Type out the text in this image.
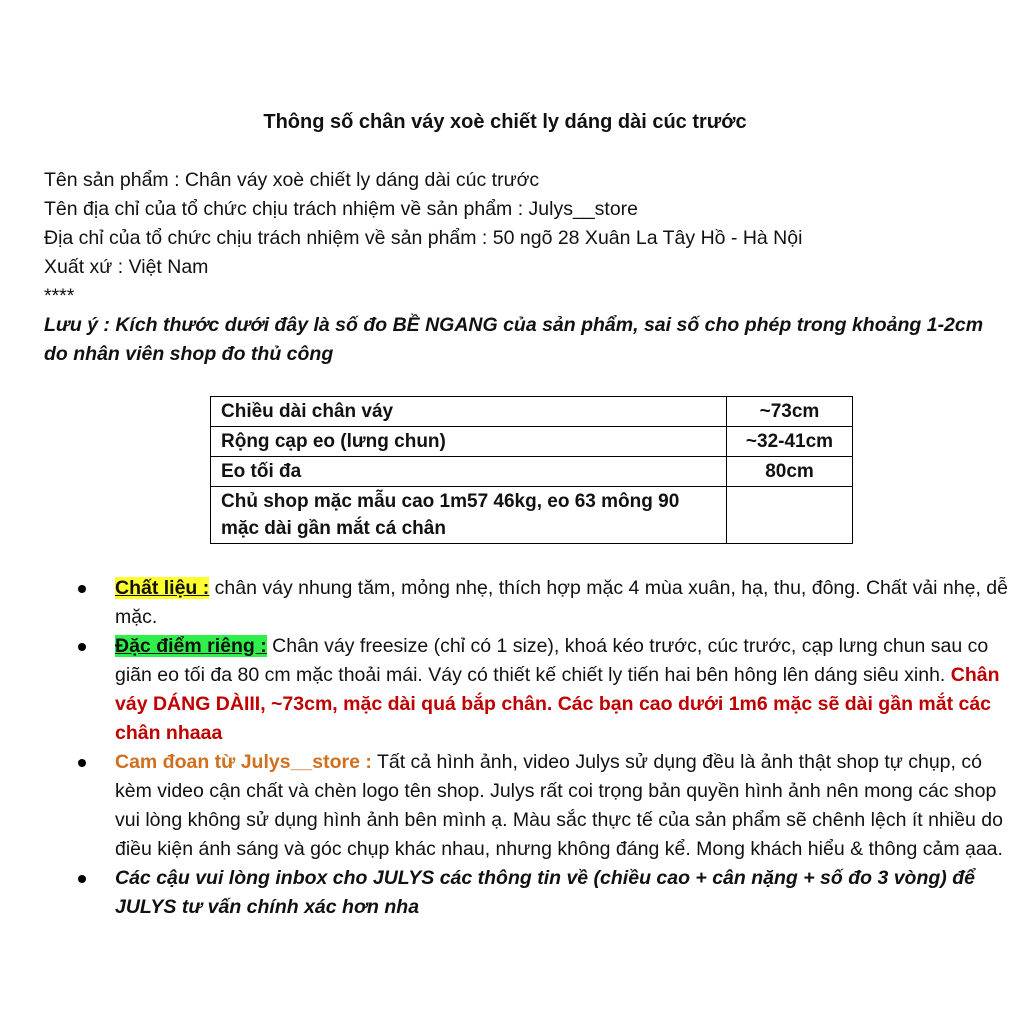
Thông số chân váy xoè chiết ly dáng dài cúc trước
Tên sản phẩm : Chân váy xoè chiết ly dáng dài cúc trước
Tên địa chỉ của tổ chức chịu trách nhiệm về sản phẩm : Julys__store
Địa chỉ của tổ chức chịu trách nhiệm về sản phẩm : 50 ngõ 28 Xuân La Tây Hồ - Hà Nội
Xuất xứ : Việt Nam
****
Lưu ý : Kích thước dưới đây là số đo BỀ NGANG của sản phẩm, sai số cho phép trong khoảng 1-2cm do nhân viên shop đo thủ công
Chiều dài chân váy	~73cm
Rộng cạp eo (lưng chun)	~32-41cm
Eo tối đa	80cm
Chủ shop mặc mẫu cao 1m57 46kg, eo 63 mông 90 mặc dài gần mắt cá chân	
Chất liệu : chân váy nhung tăm, mỏng nhẹ, thích hợp mặc 4 mùa xuân, hạ, thu, đông. Chất vải nhẹ, dễ mặc.
Đặc điểm riêng : Chân váy freesize (chỉ có 1 size), khoá kéo trước, cúc trước, cạp lưng chun sau co giãn eo tối đa 80 cm mặc thoải mái. Váy có thiết kế chiết ly tiến hai bên hông lên dáng siêu xinh. Chân váy DÁNG DÀIII, ~73cm, mặc dài quá bắp chân. Các bạn cao dưới 1m6 mặc sẽ dài gần mắt các chân nhaaa
Cam đoan từ Julys__store : Tất cả hình ảnh, video Julys sử dụng đều là ảnh thật shop tự chụp, có kèm video cận chất và chèn logo tên shop. Julys rất coi trọng bản quyền hình ảnh nên mong các shop vui lòng không sử dụng hình ảnh bên mình ạ. Màu sắc thực tế của sản phẩm sẽ chênh lệch ít nhiều do điều kiện ánh sáng và góc chụp khác nhau, nhưng không đáng kể. Mong khách hiểu & thông cảm ạaa.
Các cậu vui lòng inbox cho JULYS các thông tin về (chiều cao + cân nặng + số đo 3 vòng) để JULYS tư vấn chính xác hơn nha
